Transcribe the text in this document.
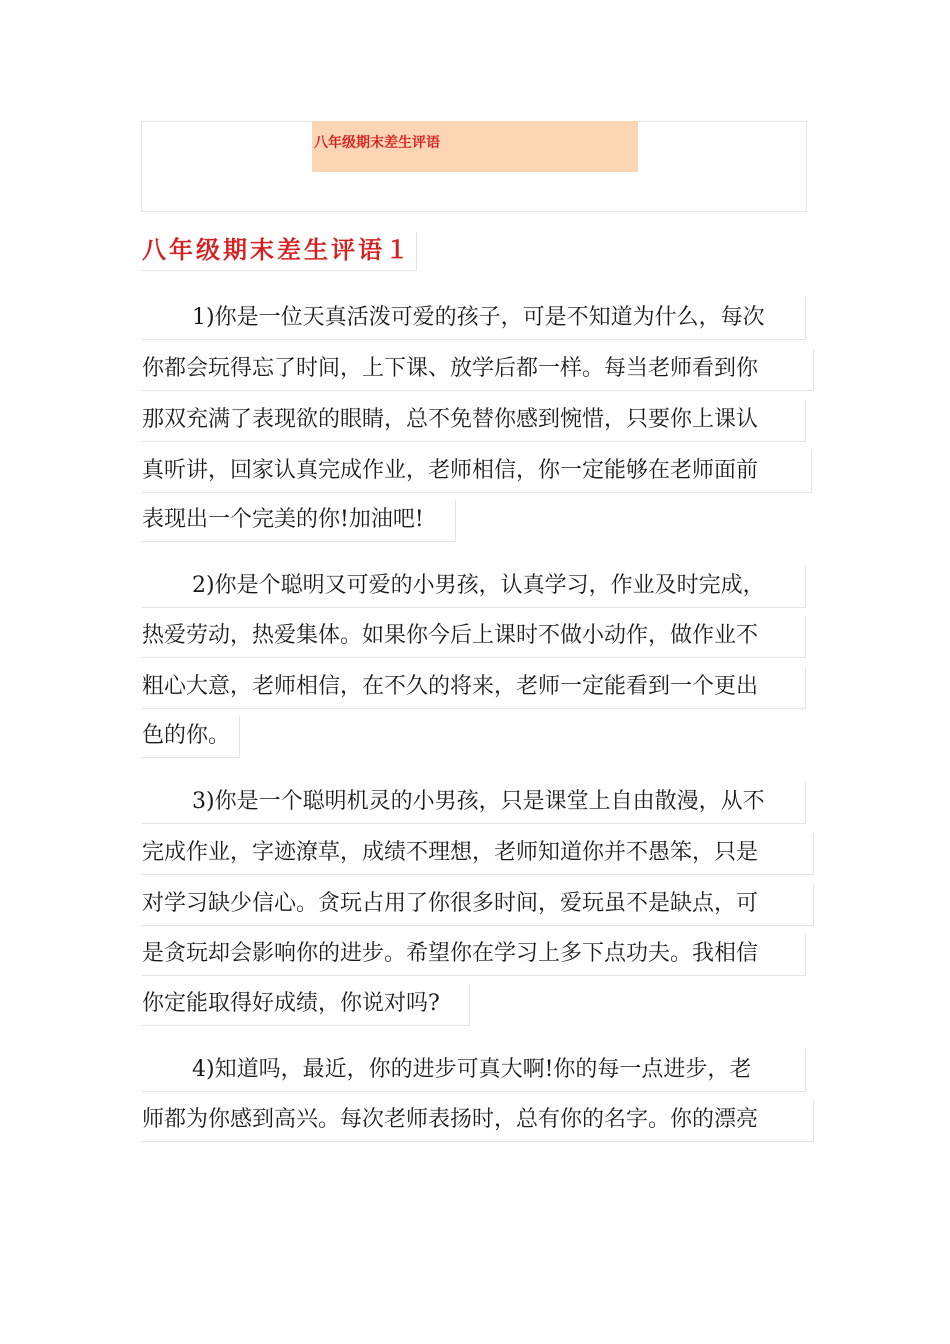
八年级期末差生评语
八年级期末差生评语１
1)你是一位天真活泼可爱的孩子，可是不知道为什么，每次
你都会玩得忘了时间，上下课、放学后都一样。每当老师看到你
那双充满了表现欲的眼睛，总不免替你感到惋惜，只要你上课认
真听讲，回家认真完成作业，老师相信，你一定能够在老师面前
表现出一个完美的你!加油吧!
2)你是个聪明又可爱的小男孩，认真学习，作业及时完成，
热爱劳动，热爱集体。如果你今后上课时不做小动作，做作业不
粗心大意，老师相信，在不久的将来，老师一定能看到一个更出
色的你。
3)你是一个聪明机灵的小男孩，只是课堂上自由散漫，从不
完成作业，字迹潦草，成绩不理想，老师知道你并不愚笨，只是
对学习缺少信心。贪玩占用了你很多时间，爱玩虽不是缺点，可
是贪玩却会影响你的进步。希望你在学习上多下点功夫。我相信
你定能取得好成绩，你说对吗?
4)知道吗，最近，你的进步可真大啊!你的每一点进步，老
师都为你感到高兴。每次老师表扬时，总有你的名字。你的漂亮
